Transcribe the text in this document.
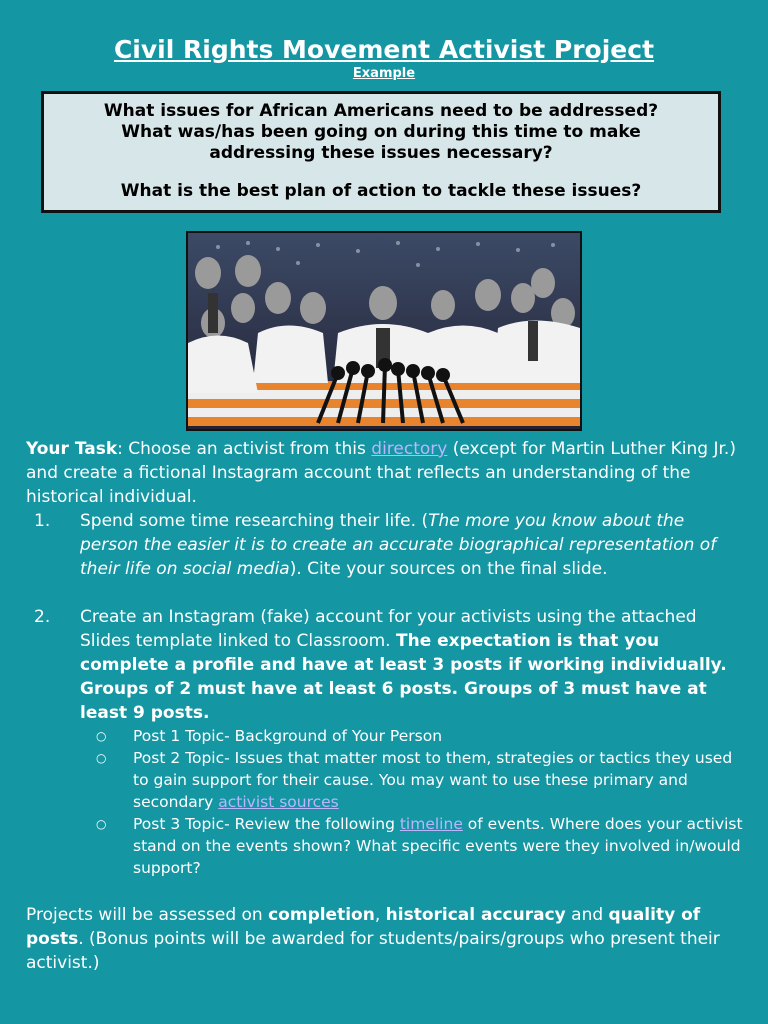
Civil Rights Movement Activist Project
Example

What issues for African Americans need to be addressed?

What was/has been going on during this time to make

addressing these issues necessary?

What is the best plan of action to tackle these issues?

Your Task: Choose an activist from this directory (except for Martin Luther King Jr.) and create a fictional Instagram account that reflects an understanding of the historical individual.

1. Spend some time researching their life. (The more you know about the person the easier it is to create an accurate biographical representation of their life on social media). Cite your sources on the final slide.
2. Create an Instagram (fake) account for your activists using the attached Slides template linked to Classroom. The expectation is that you complete a profile and have at least 3 posts if working individually. Groups of 2 must have at least 6 posts. Groups of 3 must have at least 9 posts.
○ Post 1 Topic- Background of Your Person
○ Post 2 Topic- Issues that matter most to them, strategies or tactics they used to gain support for their cause. You may want to use these primary and secondary activist sources
○ Post 3 Topic- Review the following timeline of events. Where does your activist stand on the events shown? What specific events were they involved in/would support?

Projects will be assessed on completion, historical accuracy and quality of posts. (Bonus points will be awarded for students/pairs/groups who present their activist.)
